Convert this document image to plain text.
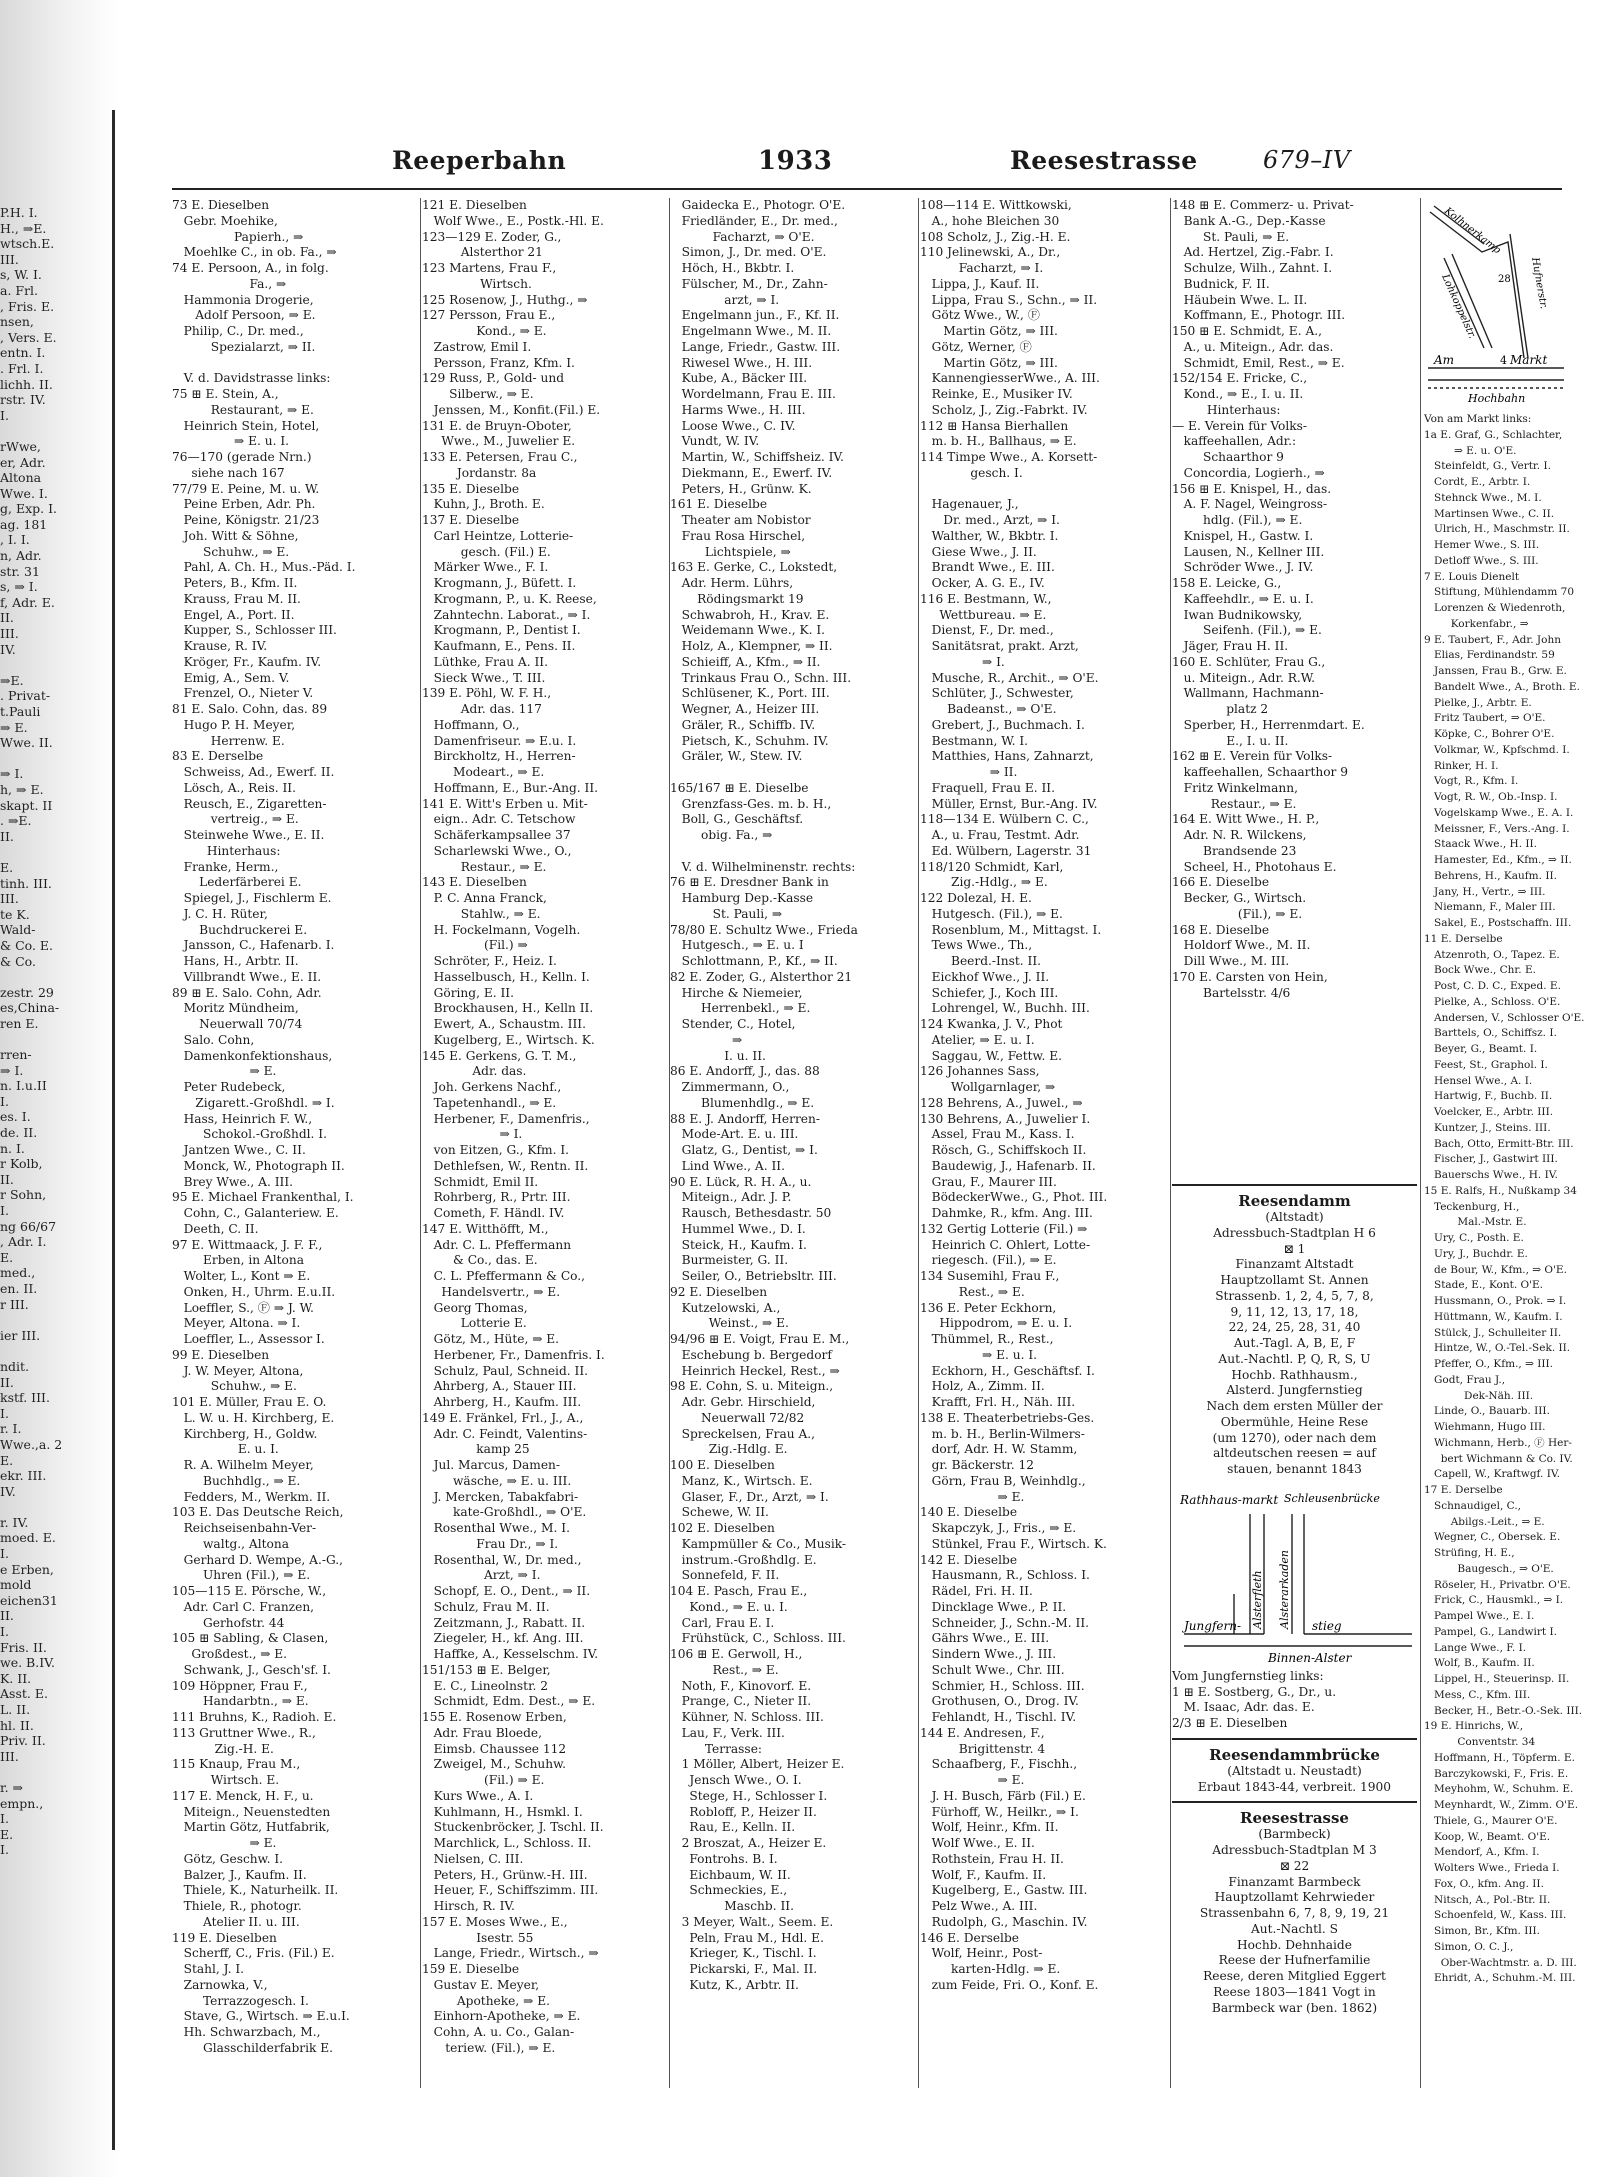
P.H. I.
H., ⇒E.
wtsch.E.
III.
s, W. I.
a. Frl.
, Fris. E.
nsen,
, Vers. E.
entn. I.
. Frl. I.
lichh. II.
rstr. IV.
I.

rWwe,
er, Adr.
Altona
Wwe. I.
g, Exp. I.
ag. 181
, I. I.
n, Adr.
str. 31
s, ⇒ I.
f, Adr. E.
II.
III.
IV.

⇒E.
. Privat-
t.Pauli
⇒ E.
Wwe. II.

⇒ I.
h, ⇒ E.
skapt. II
. ⇒E.
II.

E.
tinh. III.
III.
te K.
Wald-
& Co. E.
& Co.

zestr. 29
es,China-
ren E.

rren-
⇒ I.
n. I.u.II
I.
es. I.
de. II.
n. I.
r Kolb,
II.
r Sohn,
I.
ng 66/67
, Adr. I.
E.
med.,
en. II.
r III.

ier III.

ndit.
II.
kstf. III.
I.
r. I.
Wwe.,a. 2
E.
ekr. III.
IV.

r. IV.
moed. E.
I.
e Erben,
mold
eichen31
II.
I.
Fris. II.
we. B.IV.
K. II.
Asst. E.
L. II.
hl. II.
Priv. II.
III.

r. ⇒
empn.,
I.
E.
I.
Reeperbahn	1933	Reesestrasse	679–IV
73 E. Dieselben
Gebr. Moehike,
Papierh., ⇒
Moehlke C., in ob. Fa., ⇒
74 E. Persoon, A., in folg.
Fa., ⇒
Hammonia Drogerie,
Adolf Persoon, ⇒ E.
Philip, C., Dr. med.,
Spezialarzt, ⇒ II.

V. d. Davidstrasse links:
75 ⊞ E. Stein, A.,
Restaurant, ⇒ E.
Heinrich Stein, Hotel,
⇒ E. u. I.
76—170 (gerade Nrn.)
siehe nach 167
77/79 E. Peine, M. u. W.
Peine Erben, Adr. Ph.
Peine, Königstr. 21/23
Joh. Witt & Söhne,
Schuhw., ⇒ E.
Pahl, A. Ch. H., Mus.-Päd. I.
Peters, B., Kfm. II.
Krauss, Frau M. II.
Engel, A., Port. II.
Kupper, S., Schlosser III.
Krause, R. IV.
Kröger, Fr., Kaufm. IV.
Emig, A., Sem. V.
Frenzel, O., Nieter V.
81 E. Salo. Cohn, das. 89
Hugo P. H. Meyer,
Herrenw. E.
83 E. Derselbe
Schweiss, Ad., Ewerf. II.
Lösch, A., Reis. II.
Reusch, E., Zigaretten-
vertreig., ⇒ E.
Steinwehe Wwe., E. II.
Hinterhaus:
Franke, Herm.,
Lederfärberei E.
Spiegel, J., Fischlerm E.
J. C. H. Rüter,
Buchdruckerei E.
Jansson, C., Hafenarb. I.
Hans, H., Arbtr. II.
Villbrandt Wwe., E. II.
89 ⊞ E. Salo. Cohn, Adr.
Moritz Mündheim,
Neuerwall 70/74
Salo. Cohn,
Damenkonfektionshaus,
⇒ E.
Peter Rudebeck,
Zigarett.-Großhdl. ⇒ I.
Hass, Heinrich F. W.,
Schokol.-Großhdl. I.
Jantzen Wwe., C. II.
Monck, W., Photograph II.
Brey Wwe., A. III.
95 E. Michael Frankenthal, I.
Cohn, C., Galanteriew. E.
Deeth, C. II.
97 E. Wittmaack, J. F. F.,
Erben, in Altona
Wolter, L., Kont ⇒ E.
Onken, H., Uhrm. E.u.II.
Loeffler, S., Ⓕ ⇒ J. W.
Meyer, Altona. ⇒ I.
Loeffler, L., Assessor I.
99 E. Dieselben
J. W. Meyer, Altona,
Schuhw., ⇒ E.
101 E. Müller, Frau E. O.
L. W. u. H. Kirchberg, E.
Kirchberg, H., Goldw.
E. u. I.
R. A. Wilhelm Meyer,
Buchhdlg., ⇒ E.
Fedders, M., Werkm. II.
103 E. Das Deutsche Reich,
Reichseisenbahn-Ver-
waltg., Altona
Gerhard D. Wempe, A.-G.,
Uhren (Fil.), ⇒ E.
105—115 E. Pörsche, W.,
Adr. Carl C. Franzen,
Gerhofstr. 44
105 ⊞ Sabling, & Clasen,
Großdest., ⇒ E.
Schwank, J., Gesch'sf. I.
109 Höppner, Frau F.,
Handarbtn., ⇒ E.
111 Bruhns, K., Radioh. E.
113 Gruttner Wwe., R.,
Zig.-H. E.
115 Knaup, Frau M.,
Wirtsch. E.
117 E. Menck, H. F., u.
Miteign., Neuenstedten
Martin Götz, Hutfabrik,
⇒ E.
Götz, Geschw. I.
Balzer, J., Kaufm. II.
Thiele, K., Naturheilk. II.
Thiele, R., photogr.
Atelier II. u. III.
119 E. Dieselben
Scherff, C., Fris. (Fil.) E.
Stahl, J. I.
Zarnowka, V.,
Terrazzogesch. I.
Stave, G., Wirtsch. ⇒ E.u.I.
Hh. Schwarzbach, M.,
Glasschilderfabrik E.
121 E. Dieselben
Wolf Wwe., E., Postk.-Hl. E.
123—129 E. Zoder, G.,
Alsterthor 21
123 Martens, Frau F.,
Wirtsch.
125 Rosenow, J., Huthg., ⇒
127 Persson, Frau E.,
Kond., ⇒ E.
Zastrow, Emil I.
Persson, Franz, Kfm. I.
129 Russ, P., Gold- und
Silberw., ⇒ E.
Jenssen, M., Konfit.(Fil.) E.
131 E. de Bruyn-Oboter,
Wwe., M., Juwelier E.
133 E. Petersen, Frau C.,
Jordanstr. 8a
135 E. Dieselbe
Kuhn, J., Broth. E.
137 E. Dieselbe
Carl Heintze, Lotterie-
gesch. (Fil.) E.
Märker Wwe., F. I.
Krogmann, J., Büfett. I.
Krogmann, P., u. K. Reese,
Zahntechn. Laborat., ⇒ I.
Krogmann, P., Dentist I.
Kaufmann, E., Pens. II.
Lüthke, Frau A. II.
Sieck Wwe., T. III.
139 E. Pöhl, W. F. H.,
Adr. das. 117
Hoffmann, O.,
Damenfriseur. ⇒ E.u. I.
Birckholtz, H., Herren-
Modeart., ⇒ E.
Hoffmann, E., Bur.-Ang. II.
141 E. Witt's Erben u. Mit-
eign.. Adr. C. Tetschow
Schäferkampsallee 37
Scharlewski Wwe., O.,
Restaur., ⇒ E.
143 E. Dieselben
P. C. Anna Franck,
Stahlw., ⇒ E.
H. Fockelmann, Vogelh.
(Fil.) ⇒
Schröter, F., Heiz. I.
Hasselbusch, H., Kelln. I.
Göring, E. II.
Brockhausen, H., Kelln II.
Ewert, A., Schaustm. III.
Kugelberg, E., Wirtsch. K.
145 E. Gerkens, G. T. M.,
Adr. das.
Joh. Gerkens Nachf.,
Tapetenhandl., ⇒ E.
Herbener, F., Damenfris.,
⇒ I.
von Eitzen, G., Kfm. I.
Dethlefsen, W., Rentn. II.
Schmidt, Emil II.
Rohrberg, R., Prtr. III.
Cometh, F. Händl. IV.
147 E. Witthöfft, M.,
Adr. C. L. Pfeffermann
& Co., das. E.
C. L. Pfeffermann & Co.,
Handelsvertr., ⇒ E.
Georg Thomas,
Lotterie E.
Götz, M., Hüte, ⇒ E.
Herbener, Fr., Damenfris. I.
Schulz, Paul, Schneid. II.
Ahrberg, A., Stauer III.
Ahrberg, H., Kaufm. III.
149 E. Fränkel, Frl., J., A.,
Adr. C. Feindt, Valentins-
kamp 25
Jul. Marcus, Damen-
wäsche, ⇒ E. u. III.
J. Mercken, Tabakfabri-
kate-Großhdl., ⇒ O'E.
Rosenthal Wwe., M. I.
Frau Dr., ⇒ I.
Rosenthal, W., Dr. med.,
Arzt, ⇒ I.
Schopf, E. O., Dent., ⇒ II.
Schulz, Frau M. II.
Zeitzmann, J., Rabatt. II.
Ziegeler, H., kf. Ang. III.
Haffke, A., Kesselschm. IV.
151/153 ⊞ E. Belger,
E. C., Lineolnstr. 2
Schmidt, Edm. Dest., ⇒ E.
155 E. Rosenow Erben,
Adr. Frau Bloede,
Eimsb. Chaussee 112
Zweigel, M., Schuhw.
(Fil.) ⇒ E.
Kurs Wwe., A. I.
Kuhlmann, H., Hsmkl. I.
Stuckenbröcker, J. Tschl. II.
Marchlick, L., Schloss. II.
Nielsen, C. III.
Peters, H., Grünw.-H. III.
Heuer, F., Schiffszimm. III.
Hirsch, R. IV.
157 E. Moses Wwe., E.,
Isestr. 55
Lange, Friedr., Wirtsch., ⇒
159 E. Dieselbe
Gustav E. Meyer,
Apotheke, ⇒ E.
Einhorn-Apotheke, ⇒ E.
Cohn, A. u. Co., Galan-
teriew. (Fil.), ⇒ E.
Gaidecka E., Photogr. O'E.
Friedländer, E., Dr. med.,
Facharzt, ⇒ O'E.
Simon, J., Dr. med. O'E.
Höch, H., Bkbtr. I.
Fülscher, M., Dr., Zahn-
arzt, ⇒ I.
Engelmann jun., F., Kf. II.
Engelmann Wwe., M. II.
Lange, Friedr., Gastw. III.
Riwesel Wwe., H. III.
Kube, A., Bäcker III.
Wordelmann, Frau E. III.
Harms Wwe., H. III.
Loose Wwe., C. IV.
Vundt, W. IV.
Martin, W., Schiffsheiz. IV.
Diekmann, E., Ewerf. IV.
Peters, H., Grünw. K.
161 E. Dieselbe
Theater am Nobistor
Frau Rosa Hirschel,
Lichtspiele, ⇒
163 E. Gerke, C., Lokstedt,
Adr. Herm. Lührs,
Rödingsmarkt 19
Schwabroh, H., Krav. E.
Weidemann Wwe., K. I.
Holz, A., Klempner, ⇒ II.
Schieiff, A., Kfm., ⇒ II.
Trinkaus Frau O., Schn. III.
Schlüsener, K., Port. III.
Wegner, A., Heizer III.
Gräler, R., Schiffb. IV.
Pietsch, K., Schuhm. IV.
Gräler, W., Stew. IV.

165/167 ⊞ E. Dieselbe
Grenzfass-Ges. m. b. H.,
Boll, G., Geschäftsf.
obig. Fa., ⇒

V. d. Wilhelminenstr. rechts:
76 ⊞ E. Dresdner Bank in
Hamburg Dep.-Kasse
St. Pauli, ⇒
78/80 E. Schultz Wwe., Frieda
Hutgesch., ⇒ E. u. I
Schlottmann, P., Kf., ⇒ II.
82 E. Zoder, G., Alsterthor 21
Hirche & Niemeier,
Herrenbekl., ⇒ E.
Stender, C., Hotel,
⇒
I. u. II.
86 E. Andorff, J., das. 88
Zimmermann, O.,
Blumenhdlg., ⇒ E.
88 E. J. Andorff, Herren-
Mode-Art. E. u. III.
Glatz, G., Dentist, ⇒ I.
Lind Wwe., A. II.
90 E. Lück, R. H. A., u.
Miteign., Adr. J. P.
Rausch, Bethesdastr. 50
Hummel Wwe., D. I.
Steick, H., Kaufm. I.
Burmeister, G. II.
Seiler, O., Betriebsltr. III.
92 E. Dieselben
Kutzelowski, A.,
Weinst., ⇒ E.
94/96 ⊞ E. Voigt, Frau E. M.,
Eschebung b. Bergedorf
Heinrich Heckel, Rest., ⇒
98 E. Cohn, S. u. Miteign.,
Adr. Gebr. Hirschield,
Neuerwall 72/82
Spreckelsen, Frau A.,
Zig.-Hdlg. E.
100 E. Dieselben
Manz, K., Wirtsch. E.
Glaser, F., Dr., Arzt, ⇒ I.
Schewe, W. II.
102 E. Dieselben
Kampmüller & Co., Musik-
instrum.-Großhdlg. E.
Sonnefeld, F. II.
104 E. Pasch, Frau E.,
Kond., ⇒ E. u. I.
Carl, Frau E. I.
Frühstück, C., Schloss. III.
106 ⊞ E. Gerwoll, H.,
Rest., ⇒ E.
Noth, F., Kinovorf. E.
Prange, C., Nieter II.
Kühner, N. Schloss. III.
Lau, F., Verk. III.
Terrasse:
1 Möller, Albert, Heizer E.
Jensch Wwe., O. I.
Stege, H., Schlosser I.
Robloff, P., Heizer II.
Rau, E., Kelln. II.
2 Broszat, A., Heizer E.
Fontrohs. B. I.
Eichbaum, W. II.
Schmeckies, E.,
Maschb. II.
3 Meyer, Walt., Seem. E.
Peln, Frau M., Hdl. E.
Krieger, K., Tischl. I.
Pickarski, F., Mal. II.
Kutz, K., Arbtr. II.
108—114 E. Wittkowski,
A., hohe Bleichen 30
108 Scholz, J., Zig.-H. E.
110 Jelinewski, A., Dr.,
Facharzt, ⇒ I.
Lippa, J., Kauf. II.
Lippa, Frau S., Schn., ⇒ II.
Götz Wwe., W., Ⓕ
Martin Götz, ⇒ III.
Götz, Werner, Ⓕ
Martin Götz, ⇒ III.
KannengiesserWwe., A. III.
Reinke, E., Musiker IV.
Scholz, J., Zig.-Fabrkt. IV.
112 ⊞ Hansa Bierhallen
m. b. H., Ballhaus, ⇒ E.
114 Timpe Wwe., A. Korsett-
gesch. I.

Hagenauer, J.,
Dr. med., Arzt, ⇒ I.
Walther, W., Bkbtr. I.
Giese Wwe., J. II.
Brandt Wwe., E. III.
Ocker, A. G. E., IV.
116 E. Bestmann, W.,
Wettbureau. ⇒ E.
Dienst, F., Dr. med.,
Sanitätsrat, prakt. Arzt,
⇒ I.
Musche, R., Archit., ⇒ O'E.
Schlüter, J., Schwester,
Badeanst., ⇒ O'E.
Grebert, J., Buchmach. I.
Bestmann, W. I.
Matthies, Hans, Zahnarzt,
⇒ II.
Fraquell, Frau E. II.
Müller, Ernst, Bur.-Ang. IV.
118—134 E. Wülbern C. C.,
A., u. Frau, Testmt. Adr.
Ed. Wülbern, Lagerstr. 31
118/120 Schmidt, Karl,
Zig.-Hdlg., ⇒ E.
122 Dolezal, H. E.
Hutgesch. (Fil.), ⇒ E.
Rosenblum, M., Mittagst. I.
Tews Wwe., Th.,
Beerd.-Inst. II.
Eickhof Wwe., J. II.
Schiefer, J., Koch III.
Lohrengel, W., Buchh. III.
124 Kwanka, J. V., Phot
Atelier, ⇒ E. u. I.
Saggau, W., Fettw. E.
126 Johannes Sass,
Wollgarnlager, ⇒
128 Behrens, A., Juwel., ⇒
130 Behrens, A., Juwelier I.
Assel, Frau M., Kass. I.
Rösch, G., Schiffskoch II.
Baudewig, J., Hafenarb. II.
Grau, F., Maurer III.
BödeckerWwe., G., Phot. III.
Dahmke, R., kfm. Ang. III.
132 Gertig Lotterie (Fil.) ⇒
Heinrich C. Ohlert, Lotte-
riegesch. (Fil.), ⇒ E.
134 Susemihl, Frau F.,
Rest., ⇒ E.
136 E. Peter Eckhorn,
Hippodrom, ⇒ E. u. I.
Thümmel, R., Rest.,
⇒ E. u. I.
Eckhorn, H., Geschäftsf. I.
Holz, A., Zimm. II.
Krafft, Frl. H., Näh. III.
138 E. Theaterbetriebs-Ges.
m. b. H., Berlin-Wilmers-
dorf, Adr. H. W. Stamm,
gr. Bäckerstr. 12
Görn, Frau B, Weinhdlg.,
⇒ E.
140 E. Dieselbe
Skapczyk, J., Fris., ⇒ E.
Stünkel, Frau F., Wirtsch. K.
142 E. Dieselbe
Hausmann, R., Schloss. I.
Rädel, Fri. H. II.
Dincklage Wwe., P. II.
Schneider, J., Schn.-M. II.
Gährs Wwe., E. III.
Sindern Wwe., J. III.
Schult Wwe., Chr. III.
Schmier, H., Schloss. III.
Grothusen, O., Drog. IV.
Fehlandt, H., Tischl. IV.
144 E. Andresen, F.,
Brigittenstr. 4
Schaafberg, F., Fischh.,
⇒ E.
J. H. Busch, Färb (Fil.) E.
Fürhoff, W., Heilkr., ⇒ I.
Wolf, Heinr., Kfm. II.
Wolf Wwe., E. II.
Rothstein, Frau H. II.
Wolf, F., Kaufm. II.
Kugelberg, E., Gastw. III.
Pelz Wwe., A. III.
Rudolph, G., Maschin. IV.
146 E. Derselbe
Wolf, Heinr., Post-
karten-Hdlg. ⇒ E.
zum Feide, Fri. O., Konf. E.
148 ⊞ E. Commerz- u. Privat-
Bank A.-G., Dep.-Kasse
St. Pauli, ⇒ E.
Ad. Hertzel, Zig.-Fabr. I.
Schulze, Wilh., Zahnt. I.
Budnick, F. II.
Häubein Wwe. L. II.
Koffmann, E., Photogr. III.
150 ⊞ E. Schmidt, E. A.,
A., u. Miteign., Adr. das.
Schmidt, Emil, Rest., ⇒ E.
152/154 E. Fricke, C.,
Kond., ⇒ E., I. u. II.
Hinterhaus:
— E. Verein für Volks-
kaffeehallen, Adr.:
Schaarthor 9
Concordia, Logierh., ⇒
156 ⊞ E. Knispel, H., das.
A. F. Nagel, Weingross-
hdlg. (Fil.), ⇒ E.
Knispel, H., Gastw. I.
Lausen, N., Kellner III.
Schröder Wwe., J. IV.
158 E. Leicke, G.,
Kaffeehdlr., ⇒ E. u. I.
Iwan Budnikowsky,
Seifenh. (Fil.), ⇒ E.
Jäger, Frau H. II.
160 E. Schlüter, Frau G.,
u. Miteign., Adr. R.W.
Wallmann, Hachmann-
platz 2
Sperber, H., Herrenmdart. E.
E., I. u. II.
162 ⊞ E. Verein für Volks-
kaffeehallen, Schaarthor 9
Fritz Winkelmann,
Restaur., ⇒ E.
164 E. Witt Wwe., H. P.,
Adr. N. R. Wilckens,
Brandsende 23
Scheel, H., Photohaus E.
166 E. Dieselbe
Becker, G., Wirtsch.
(Fil.), ⇒ E.
168 E. Dieselbe
Holdorf Wwe., M. II.
Dill Wwe., M. III.
170 E. Carsten von Hein,
Bartelsstr. 4/6
Reesendamm
(Altstadt)
Adressbuch-Stadtplan H 6
⊠ 1
Finanzamt Altstadt
Hauptzollamt St. Annen
Strassenb. 1, 2, 4, 5, 7, 8,
9, 11, 12, 13, 17, 18,
22, 24, 25, 28, 31, 40
Aut.-Tagl. A, B, E, F
Aut.-Nachtl. P, Q, R, S, U
Hochb. Rathhausm.,
Alsterd. Jungfernstieg
Nach dem ersten Müller der
Obermühle, Heine Rese
(um 1270), oder nach dem
altdeutschen reesen = auf
stauen, benannt 1843
Rathhaus-markt Schleusenbrücke
Alsterfleth Alsterarkaden
Jungfern-	stieg
Binnen-Alster
Vom Jungfernstieg links:
1 ⊞ E. Sostberg, G., Dr., u.
M. Isaac, Adr. das. E.
2/3 ⊞ E. Dieselben
Reesendammbrücke
(Altstadt u. Neustadt)
Erbaut 1843-44, verbreit. 1900
Reesestrasse
(Barmbeck)
Adressbuch-Stadtplan M 3
⊠ 22
Finanzamt Barmbeck
Hauptzollamt Kehrwieder
Strassenbahn 6, 7, 8, 9, 19, 21
Aut.-Nachtl. S
Hochb. Dehnhaide
Reese der Hufnerfamilie
Reese, deren Mitglied Eggert
Reese 1803—1841 Vogt in
Barmbeck war (ben. 1862)
Kolhnerkamp
Hufnerstr.
Lohkoppelstr. 28
Am	4 Markt
Hochbahn
Von am Markt links:
1a E. Graf, G., Schlachter,
⇒ E. u. O'E.
Steinfeldt, G., Vertr. I.
Cordt, E., Arbtr. I.
Stehnck Wwe., M. I.
Martinsen Wwe., C. II.
Ulrich, H., Maschmstr. II.
Hemer Wwe., S. III.
Detloff Wwe., S. III.
7 E. Louis Dienelt
Stiftung, Mühlendamm 70
Lorenzen & Wiedenroth,
Korkenfabr., ⇒
9 E. Taubert, F., Adr. John
Elias, Ferdinandstr. 59
Janssen, Frau B., Grw. E.
Bandelt Wwe., A., Broth. E.
Pielke, J., Arbtr. E.
Fritz Taubert, ⇒ O'E.
Köpke, C., Bohrer O'E.
Volkmar, W., Kpfschmd. I.
Rinker, H. I.
Vogt, R., Kfm. I.
Vogt, R. W., Ob.-Insp. I.
Vogelskamp Wwe., E. A. I.
Meissner, F., Vers.-Ang. I.
Staack Wwe., H. II.
Hamester, Ed., Kfm., ⇒ II.
Behrens, H., Kaufm. II.
Jany, H., Vertr., ⇒ III.
Niemann, F., Maler III.
Sakel, E., Postschaffn. III.
11 E. Derselbe
Atzenroth, O., Tapez. E.
Bock Wwe., Chr. E.
Post, C. D. C., Exped. E.
Pielke, A., Schloss. O'E.
Andersen, V., Schlosser O'E.
Barttels, O., Schiffsz. I.
Beyer, G., Beamt. I.
Feest, St., Graphol. I.
Hensel Wwe., A. I.
Hartwig, F., Buchb. II.
Voelcker, E., Arbtr. III.
Kuntzer, J., Steins. III.
Bach, Otto, Ermitt-Btr. III.
Fischer, J., Gastwirt III.
Bauerschs Wwe., H. IV.
15 E. Ralfs, H., Nußkamp 34
Teckenburg, H.,
Mal.-Mstr. E.
Ury, C., Posth. E.
Ury, J., Buchdr. E.
de Bour, W., Kfm., ⇒ O'E.
Stade, E., Kont. O'E.
Hussmann, O., Prok. ⇒ I.
Hüttmann, W., Kaufm. I.
Stülck, J., Schulleiter II.
Hintze, W., O.-Tel.-Sek. II.
Pfeffer, O., Kfm., ⇒ III.
Godt, Frau J.,
Dek-Näh. III.
Linde, O., Bauarb. III.
Wiehmann, Hugo III.
Wichmann, Herb., Ⓕ Her-
bert Wichmann & Co. IV.
Capell, W., Kraftwgf. IV.
17 E. Derselbe
Schnaudigel, C.,
Abilgs.-Leit., ⇒ E.
Wegner, C., Obersek. E.
Strüfing, H. E.,
Baugesch., ⇒ O'E.
Röseler, H., Privatbr. O'E.
Frick, C., Hausmkl., ⇒ I.
Pampel Wwe., E. I.
Pampel, G., Landwirt I.
Lange Wwe., F. I.
Wolf, B., Kaufm. II.
Lippel, H., Steuerinsp. II.
Mess, C., Kfm. III.
Becker, H., Betr.-O.-Sek. III.
19 E. Hinrichs, W.,
Conventstr. 34
Hoffmann, H., Töpferm. E.
Barczykowski, F., Fris. E.
Meyhohm, W., Schuhm. E.
Meynhardt, W., Zimm. O'E.
Thiele, G., Maurer O'E.
Koop, W., Beamt. O'E.
Mendorf, A., Kfm. I.
Wolters Wwe., Frieda I.
Fox, O., kfm. Ang. II.
Nitsch, A., Pol.-Btr. II.
Schoenfeld, W., Kass. III.
Simon, Br., Kfm. III.
Simon, O. C. J.,
Ober-Wachtmstr. a. D. III.
Ehridt, A., Schuhm.-M. III.
